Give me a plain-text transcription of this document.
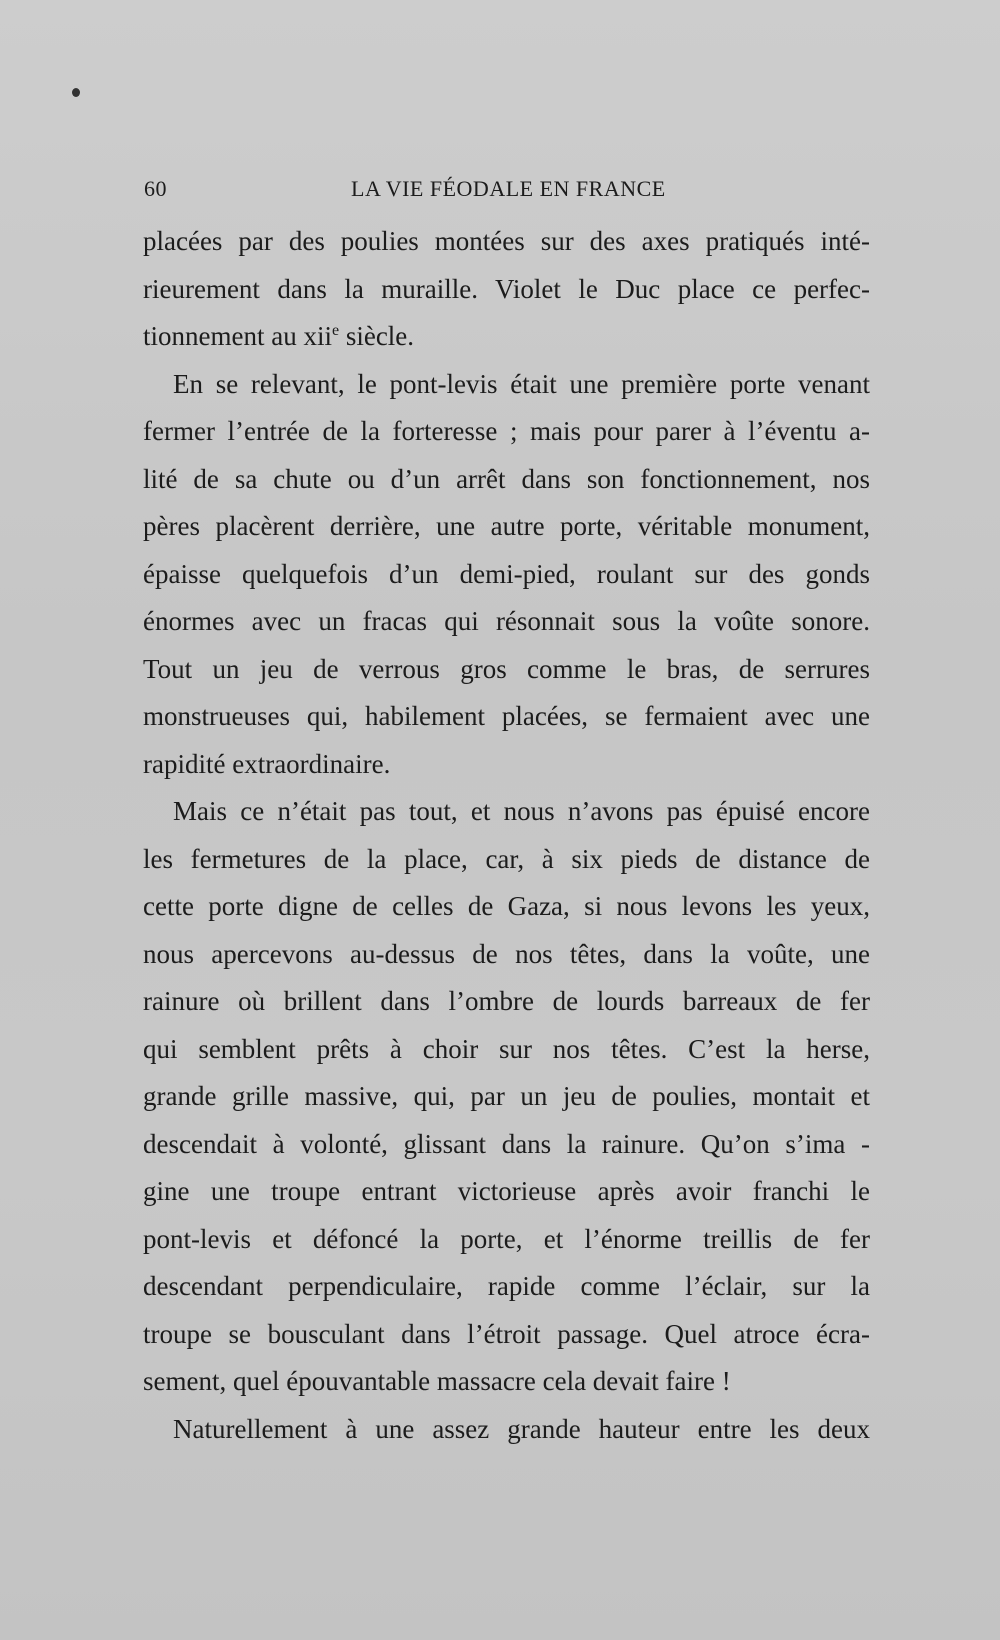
60	LA VIE FÉODALE EN FRANCE

placées par des poulies montées sur des axes pratiqués inté-
rieurement dans la muraille. Violet le Duc place ce perfec-
tionnement au xii$^e$ siècle.

En se relevant, le pont-levis était une première porte venant
fermer l’entrée de la forteresse ; mais pour parer à l’éventu a-
lité de sa chute ou d’un arrêt dans son fonctionnement, nos
pères placèrent derrière, une autre porte, véritable monument,
épaisse quelquefois d’un demi-pied, roulant sur des gonds
énormes avec un fracas qui résonnait sous la voûte sonore.
Tout un jeu de verrous gros comme le bras, de serrures
monstrueuses qui, habilement placées, se fermaient avec une
rapidité extraordinaire.

Mais ce n’était pas tout, et nous n’avons pas épuisé encore
les fermetures de la place, car, à six pieds de distance de
cette porte digne de celles de Gaza, si nous levons les yeux,
nous apercevons au-dessus de nos têtes, dans la voûte, une
rainure où brillent dans l’ombre de lourds barreaux de fer
qui semblent prêts à choir sur nos têtes. C’est la herse,
grande grille massive, qui, par un jeu de poulies, montait et
descendait à volonté, glissant dans la rainure. Qu’on s’ima -
gine une troupe entrant victorieuse après avoir franchi le
pont-levis et défoncé la porte, et l’énorme treillis de fer
descendant perpendiculaire, rapide comme l’éclair, sur la
troupe se bousculant dans l’étroit passage. Quel atroce écra-
sement, quel épouvantable massacre cela devait faire !

Naturellement à une assez grande hauteur entre les deux
